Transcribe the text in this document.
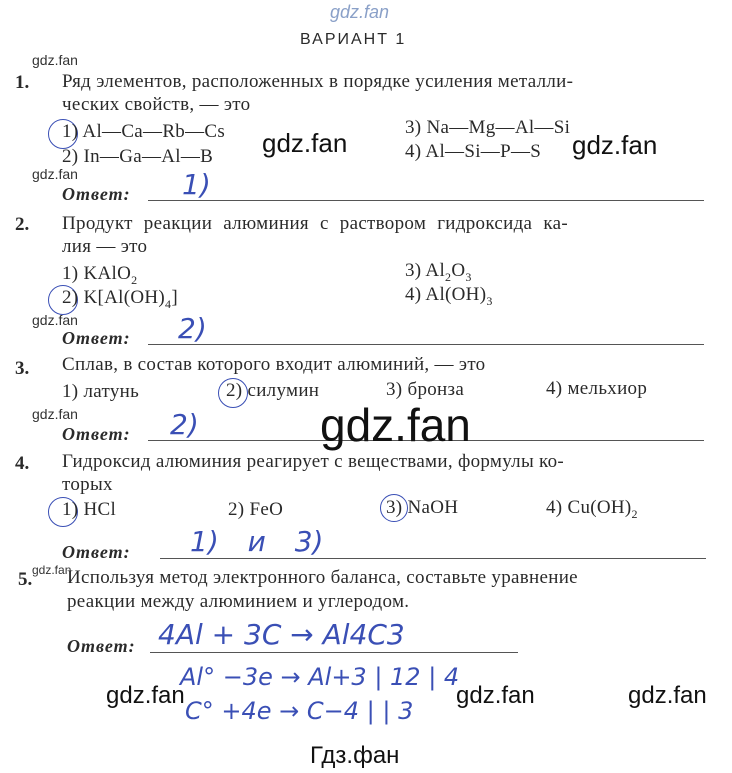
gdz.fan
ВАРИАНТ 1
gdz.fan
1. Ряд элементов, расположенных в порядке усиления металли-
ческих свойств, — это
1) Al—Ca—Rb—Cs
2) In—Ga—Al—B
3) Na—Mg—Al—Si
4) Al—Si—P—S
gdz.fan	gdz.fan
gdz.fan
Ответ: 1)
2. Продукт реакции алюминия с раствором гидроксида ка-
лия — это
1) KAlO$_2$
2) $K[Al(OH)_4]$
3) $Al_2O_3$
4) $Al(OH)_3$
gdz.fan
Ответ: 2)
3. Сплав, в состав которого входит алюминий, — это
1) латунь	2) силумин	3) бронза	4) мельхиор
gdz.fan
Ответ: 2)	gdz.fan
4. Гидроксид алюминия реагирует с веществами, формулы ко-
торых
1) HCl	2) FeO	3) NaOH	4) $Cu(OH)_2$
Ответ: 1) и 3)
gdz.fan
5. Используя метод электронного баланса, составьте уравнение
реакции между алюминием и углеродом.
Ответ: 4Al + 3C → Al4C3
Al° −3e → Al+3 | 12 | 4
C° +4e → C−4 | | 3
gdz.fan	gdz.fan	gdz.fan
Гдз.фан
